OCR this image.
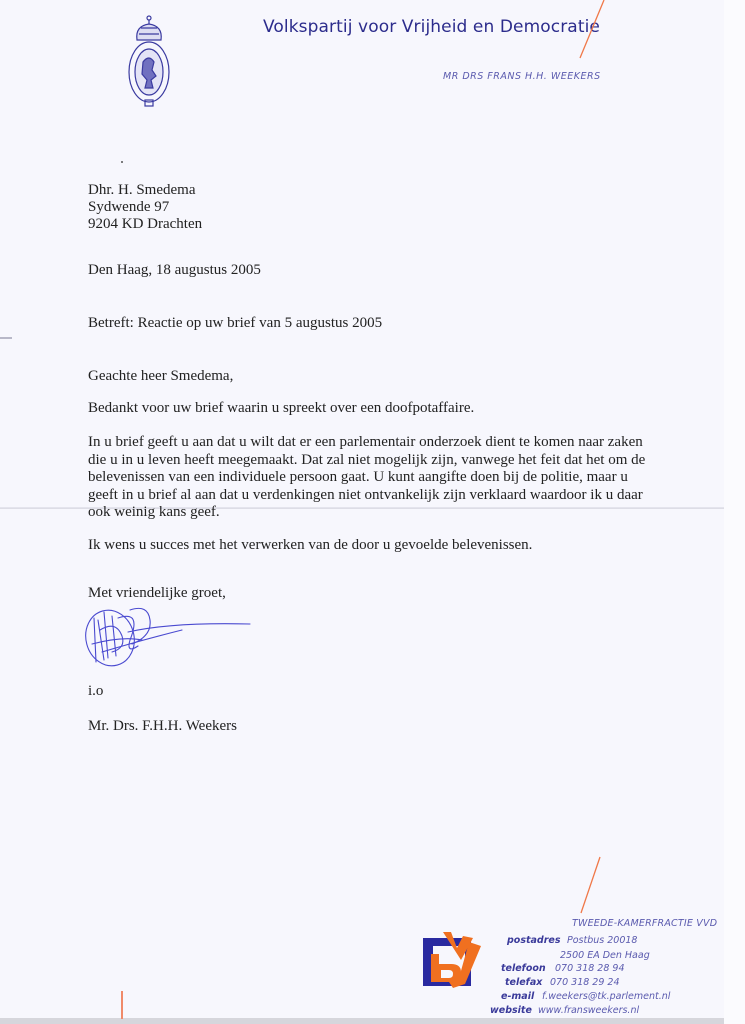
Volkspartij voor Vrijheid en Democratie
MR DRS FRANS H.H. WEEKERS
Dhr. H. Smedema
Sydwende 97
9204 KD Drachten
Den Haag, 18 augustus 2005
Betreft: Reactie op uw brief van 5 augustus 2005
Geachte heer Smedema,
Bedankt voor uw brief waarin u spreekt over een doofpotaffaire.
In u brief geeft u aan dat u wilt dat er een parlementair onderzoek dient te komen naar zaken
die u in u leven heeft meegemaakt. Dat zal niet mogelijk zijn, vanwege het feit dat het om de
belevenissen van een individuele persoon gaat. U kunt aangifte doen bij de politie, maar u
geeft in u brief al aan dat u verdenkingen niet ontvankelijk zijn verklaard waardoor ik u daar
ook weinig kans geef.
Ik wens u succes met het verwerken van de door u gevoelde belevenissen.
Met vriendelijke groet,
i.o
Mr. Drs. F.H.H. Weekers
TWEEDE-KAMERFRACTIE VVD
postadres Postbus 20018
2500 EA Den Haag
telefoon 070 318 28 94
telefax 070 318 29 24
e-mail f.weekers@tk.parlement.nl
website www.fransweekers.nl
